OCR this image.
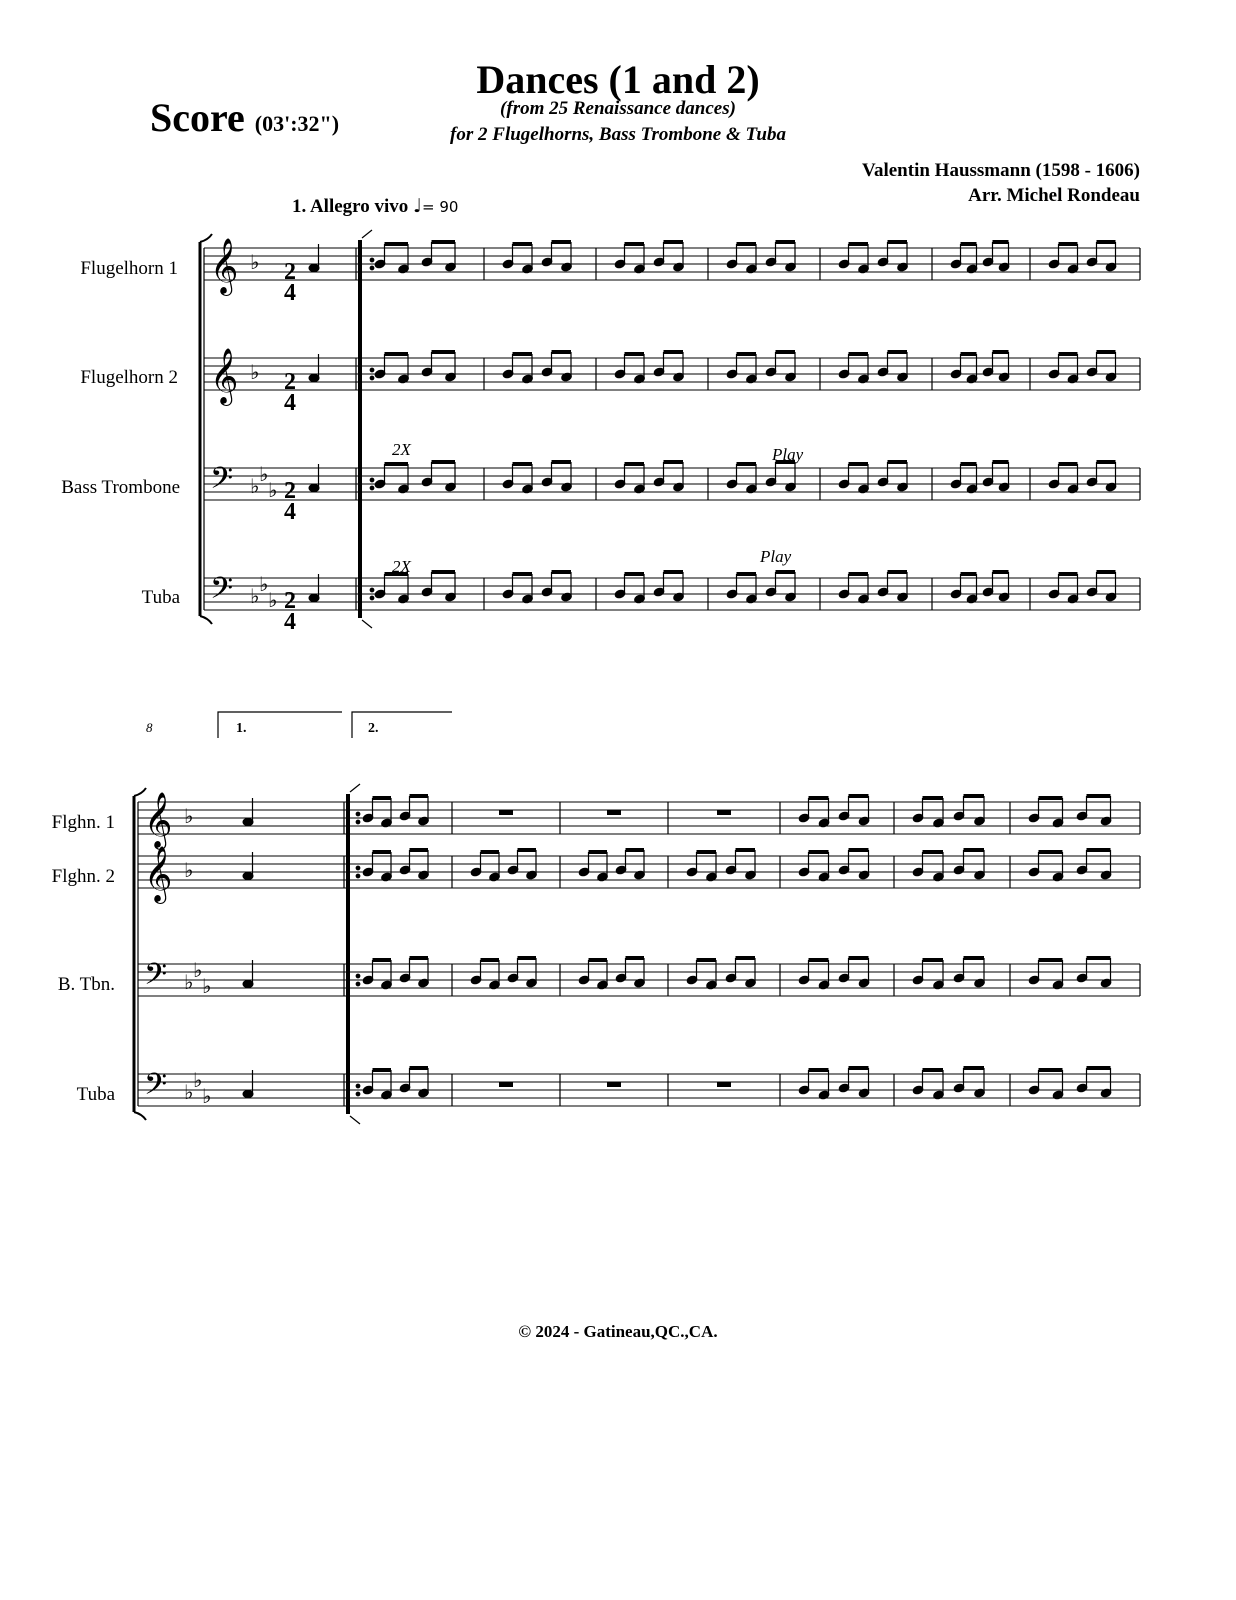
Dances (1 and 2)
(from 25 Renaissance dances)
for 2 Flugelhorns, Bass Trombone & Tuba
Score (03':32")
Valentin Haussmann (1598 - 1606)
Arr. Michel Rondeau
1. Allegro vivo ♩= 90
Flugelhorn 1
Flugelhorn 2
Bass Trombone
Tuba
Flghn. 1
Flghn. 2
B. Tbn.
Tuba
𝄞 ♭
𝄞 ♭
𝄢 ♭ ♭
♭
𝄢 ♭ ♭
♭
𝄞 ♭
𝄞 ♭
𝄢 ♭ ♭
♭
𝄢 ♭ ♭
♭
2X
2X
Play
Play
8	1.	2.
2
4
2
4
2
4
2
4
© 2024 - Gatineau,QC.,CA.
